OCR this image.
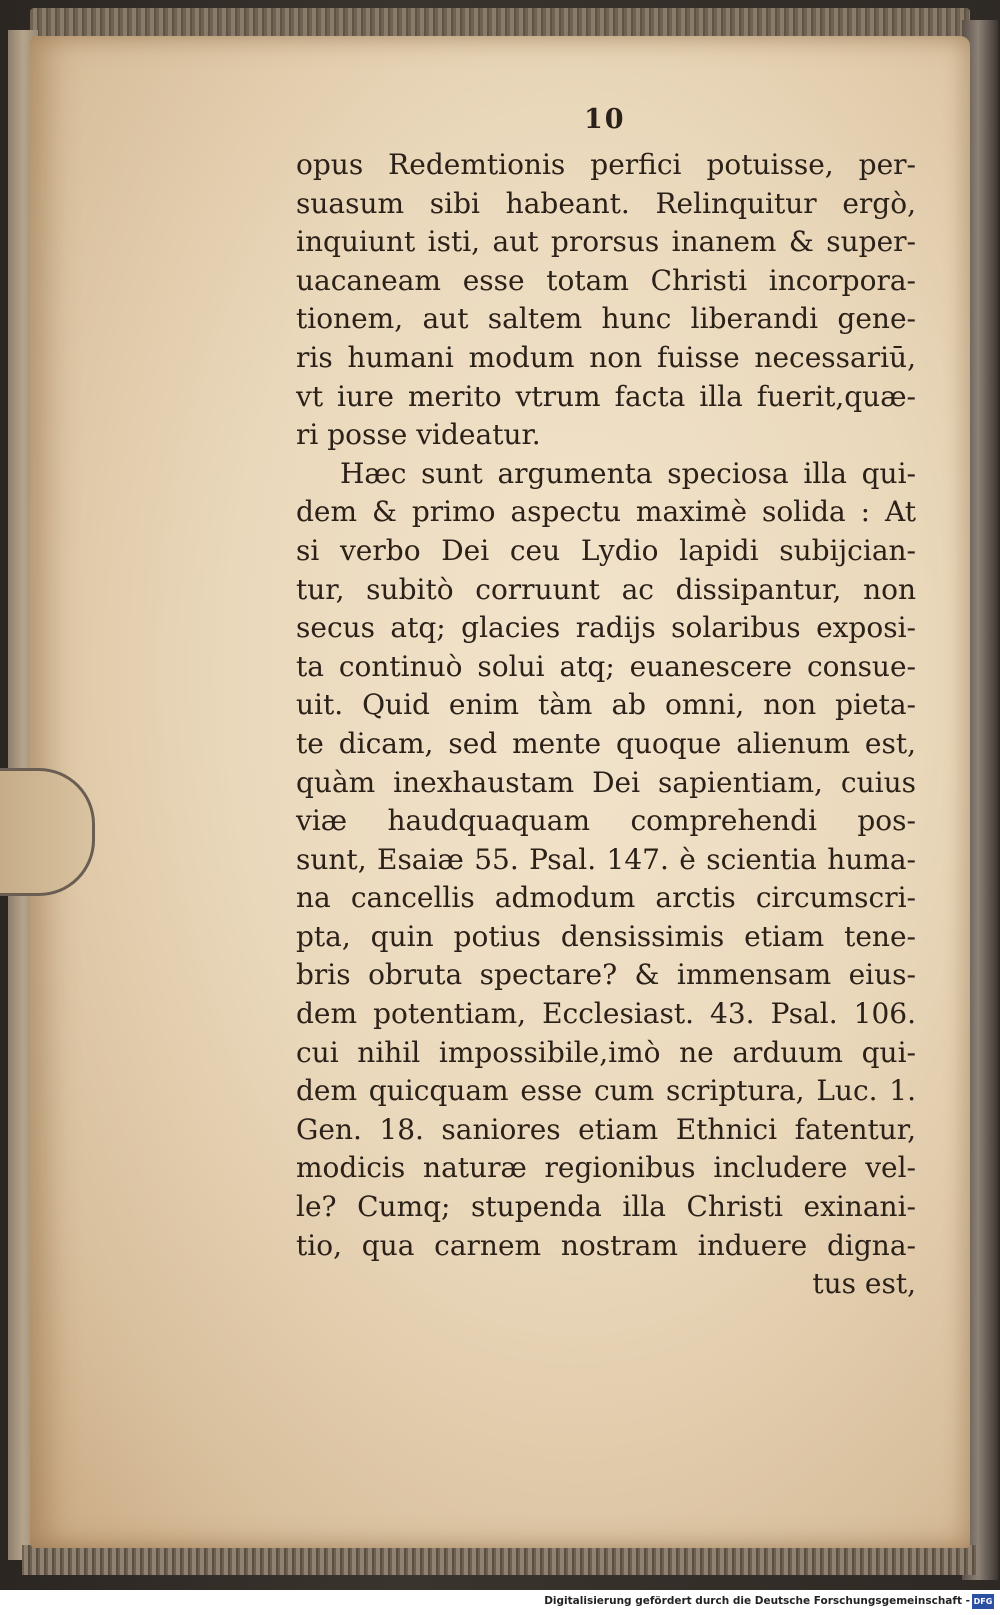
10
opus Redemtionis perfici potuisse, per-
suasum sibi habeant. Relinquitur ergò,
inquiunt isti, aut prorsus inanem & super-
uacaneam esse totam Christi incorpora-
tionem, aut saltem hunc liberandi gene-
ris humani modum non fuisse necessariū,
vt iure merito vtrum facta illa fuerit,quæ-
ri posse videatur.
Hæc sunt argumenta speciosa illa qui-
dem & primo aspectu maximè solida : At
si verbo Dei ceu Lydio lapidi subijcian-
tur, subitò corruunt ac dissipantur, non
secus atq; glacies radijs solaribus exposi-
ta continuò solui atq; euanescere consue-
uit. Quid enim tàm ab omni, non pieta-
te dicam, sed mente quoque alienum est,
quàm inexhaustam Dei sapientiam, cuius
viæ haudquaquam comprehendi pos-
sunt, Esaiæ 55. Psal. 147. è scientia huma-
na cancellis admodum arctis circumscri-
pta, quin potius densissimis etiam tene-
bris obruta spectare? & immensam eius-
dem potentiam, Ecclesiast. 43. Psal. 106.
cui nihil impossibile,imò ne arduum qui-
dem quicquam esse cum scriptura, Luc. 1.
Gen. 18. saniores etiam Ethnici fatentur,
modicis naturæ regionibus includere vel-
le? Cumq; stupenda illa Christi exinani-
tio, qua carnem nostram induere digna-
tus est,
Digitalisierung gefördert durch die Deutsche Forschungsgemeinschaft - DFG
